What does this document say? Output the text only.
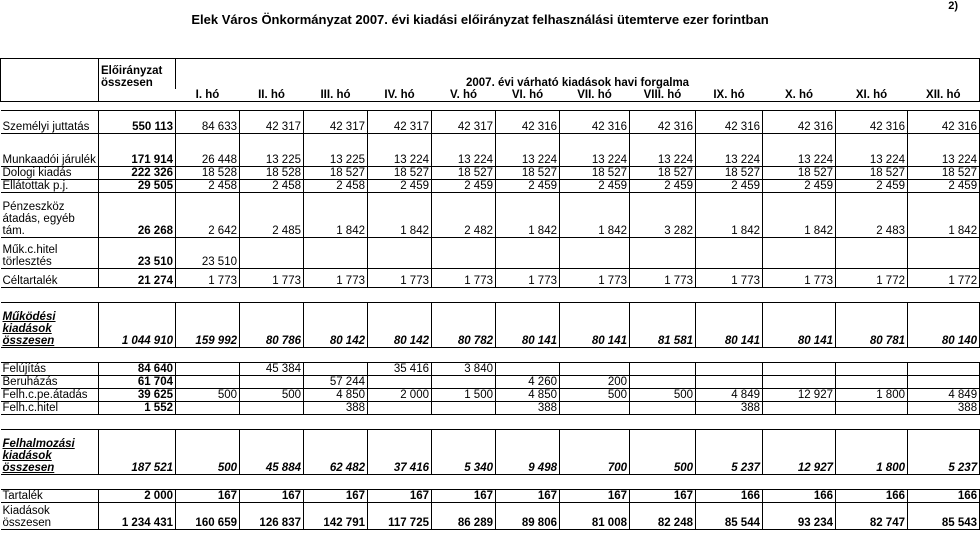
Elek Város Önkormányzat 2007. évi kiadási előirányzat felhasználási ütemterve ezer forintban
2)
	Előirányzat összesen	2007. évi várható kiadások havi forgalma											
		I. hó	II. hó	III. hó	IV. hó	V. hó	VI. hó	VII. hó	VIII. hó	IX. hó	X. hó	XI. hó	XII. hó

Személyi juttatás	550 113	84 633	42 317	42 317	42 317	42 317	42 316	42 316	42 316	42 316	42 316	42 316	42 316
Munkaadói járulék	171 914	26 448	13 225	13 225	13 224	13 224	13 224	13 224	13 224	13 224	13 224	13 224	13 224
Dologi kiadás	222 326	18 528	18 528	18 527	18 527	18 527	18 527	18 527	18 527	18 527	18 527	18 527	18 527
Ellátottak p.j.	29 505	2 458	2 458	2 458	2 459	2 459	2 459	2 459	2 459	2 459	2 459	2 459	2 459
Pénzeszköz átadás, egyéb tám.	26 268	2 642	2 485	1 842	1 842	2 482	1 842	1 842	3 282	1 842	1 842	2 483	1 842
Műk.c.hitel törlesztés	23 510	23 510											
Céltartalék	21 274	1 773	1 773	1 773	1 773	1 773	1 773	1 773	1 773	1 773	1 773	1 772	1 772

Működési kiadások összesen	1 044 910	159 992	80 786	80 142	80 142	80 782	80 141	80 141	81 581	80 141	80 141	80 781	80 140

Felújítás	84 640		45 384		35 416	3 840							
Beruházás	61 704			57 244			4 260	200					
Felh.c.pe.átadás	39 625	500	500	4 850	2 000	1 500	4 850	500	500	4 849	12 927	1 800	4 849
Felh.c.hitel	1 552			388			388			388			388

Felhalmozási kiadások összesen	187 521	500	45 884	62 482	37 416	5 340	9 498	700	500	5 237	12 927	1 800	5 237

Tartalék	2 000	167	167	167	167	167	167	167	167	166	166	166	166
Kiadások összesen	1 234 431	160 659	126 837	142 791	117 725	86 289	89 806	81 008	82 248	85 544	93 234	82 747	85 543
